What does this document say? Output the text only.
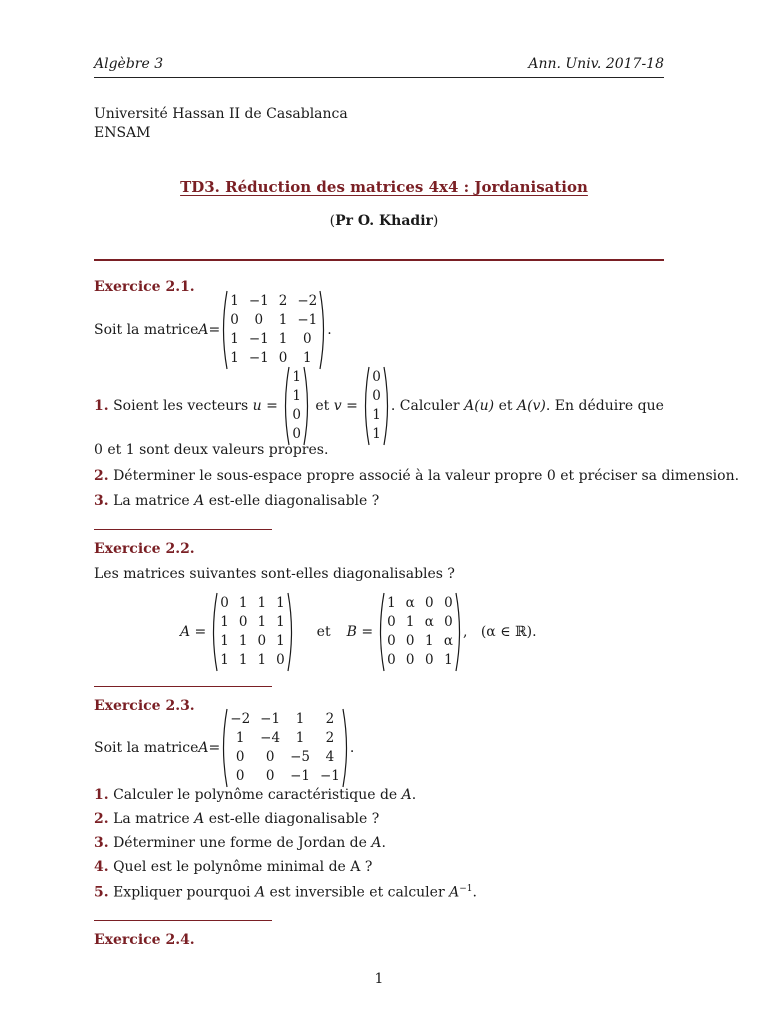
Algèbre 3	Ann. Univ. 2017-18
Université Hassan II de Casablanca
ENSAM
TD3. Réduction des matrices 4x4 : Jordanisation
(Pr O. Khadir)
Exercice 2.1.
Soit la matrice A =
1 −1 2 −2
0	0	1 −1
1 −1 1	0
1 −1 0	1
.
1. Soient les vecteurs u =
1
1
0
0
et v =
0
0
1
1
. Calculer A(u) et A(v) . En déduire que
0 et 1 sont deux valeurs propres.
2. Déterminer le sous-espace propre associé à la valeur propre 0 et préciser sa dimension.
3. La matrice A est-elle diagonalisable ?
Exercice 2.2.
Les matrices suivantes sont-elles diagonalisables ?
A =
0 1 1 1
1 0 1 1
1 1 0 1
1 1 1 0
et B =
1 α 0 0
0 1 α 0
0 0 1 α
0 0 0 1
,   (α ∈ ℝ).
Exercice 2.3.
Soit la matrice A =
−2 −1	1	2
1	−4	1	2
0	0	−5	4
0	0	−1 −1
.
1. Calculer le polynôme caractéristique de A.
2. La matrice A est-elle diagonalisable ?
3. Déterminer une forme de Jordan de A.
4. Quel est le polynôme minimal de A ?
5. Expliquer pourquoi A est inversible et calculer $A^{-1}$.
Exercice 2.4.
1
